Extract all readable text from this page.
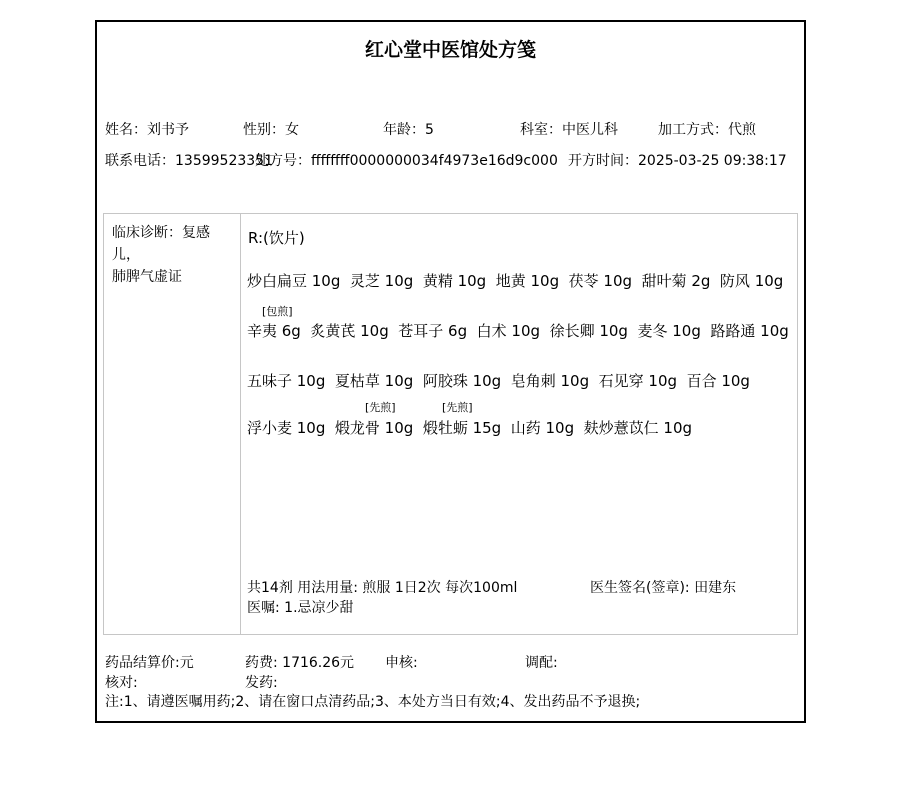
红心堂中医馆处方笺
姓名：刘书予	性别：女	年龄：5	科室：中医儿科	加工方式：代煎
联系电话：13599523351
处方号：ffffffff0000000034f4973e16d9c000 开方时间：2025-03-25 09:38:17
临床诊断：复感儿，
肺脾气虚证
R:(饮片)
炒白扁豆 10g  灵芝 10g  黄精 10g  地黄 10g  茯苓 10g  甜叶菊 2g  防风 10g
[包煎]
辛夷 6g  炙黄芪 10g  苍耳子 6g  白术 10g  徐长卿 10g  麦冬 10g  路路通 10g
五味子 10g  夏枯草 10g  阿胶珠 10g  皂角刺 10g  石见穿 10g  百合 10g
[先煎]	[先煎]
浮小麦 10g  煅龙骨 10g  煅牡蛎 15g  山药 10g  麸炒薏苡仁 10g
共14剂 用法用量: 煎服 1日2次 每次100ml	医生签名(签章): 田建东
医嘱: 1.忌凉少甜
药品结算价:元	药费: 1716.26元 申核:	调配:
核对:	发药:
注:1、请遵医嘱用药;2、请在窗口点清药品;3、本处方当日有效;4、发出药品不予退换;
